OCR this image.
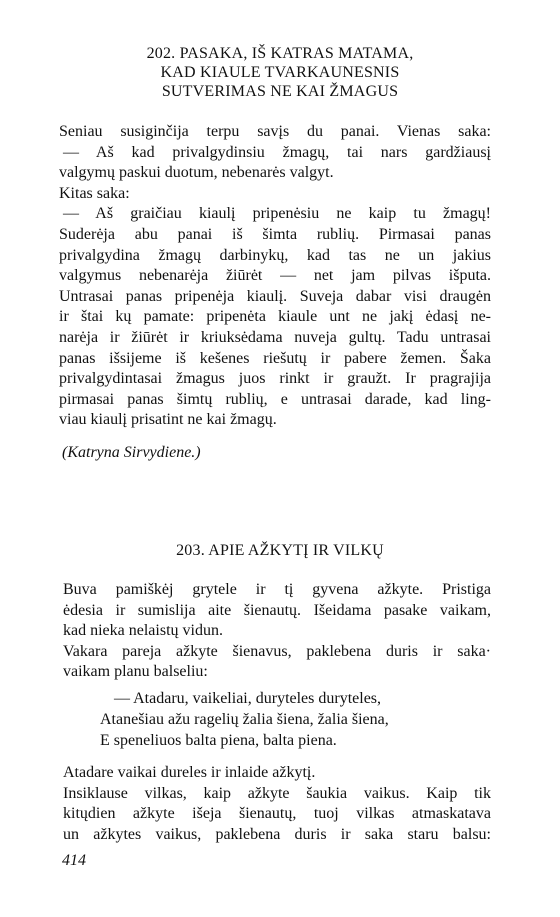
202. PASAKA, IŠ KATRAS MATAMA,
KAD KIAULE TVARKAUNESNIS
SUTVERIMAS NE KAI ŽMAGUS
Seniau susiginčija terpu savįs du panai. Vienas saka:
— Aš kad privalgydinsiu žmagų, tai nars gardžiausį
valgymų paskui duotum, nebenarės valgyt.
Kitas saka:
— Aš graičiau kiaulį pripenėsiu ne kaip tu žmagų!
Suderėja abu panai iš šimta rublių. Pirmasai panas
privalgydina žmagų darbinykų, kad tas ne un jakius
valgymus nebenarėja žiūrėt — net jam pilvas išputa.
Untrasai panas pripenėja kiaulį. Suveja dabar visi draugėn
ir štai kų pamate: pripenėta kiaule unt ne jakį ėdasį ne-
narėja ir žiūrėt ir kriuksėdama nuveja gultų. Tadu untrasai
panas išsijeme iš kešenes riešutų ir pabere žemen. Šaka
privalgydintasai žmagus juos rinkt ir graužt. Ir pragrajija
pirmasai panas šimtų rublių, e untrasai darade, kad ling-
viau kiaulį prisatint ne kai žmagų.
(Katryna Sirvydiene.)
203. APIE AŽKYTĮ IR VILKŲ
Buva pamiškėj grytele ir tį gyvena ažkyte. Pristiga
ėdesia ir sumislija aite šienautų. Išeidama pasake vaikam,
kad nieka nelaistų vidun.
Vakara pareja ažkyte šienavus, paklebena duris ir saka·
vaikam planu balseliu:
— Atadaru, vaikeliai, duryteles duryteles,
Atanešiau ažu ragelių žalia šiena, žalia šiena,
E speneliuos balta piena, balta piena.
Atadare vaikai dureles ir inlaide ažkytį.
Insiklause vilkas, kaip ažkyte šaukia vaikus. Kaip tik
kitųdien ažkyte išeja šienautų, tuoj vilkas atmaskatava
un ažkytes vaikus, paklebena duris ir saka staru balsu:
414
